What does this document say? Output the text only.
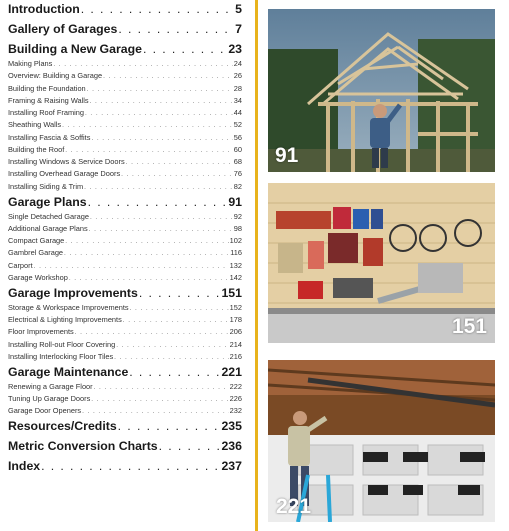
Introduction . . .	5
Gallery of Garages . . .	7
Building a New Garage . . .	23
Making Plans . . .	24
Overview: Building a Garage . . .	26
Building the Foundation . . .	28
Framing & Raising Walls . . .	34
Installing Roof Framing . . .	44
Sheathing Walls . . .	52
Installing Fascia & Soffits . . .	56
Building the Roof . . .	60
Installing Windows & Service Doors . . .	68
Installing Overhead Garage Doors . . .	76
Installing Siding & Trim . . .	82
Garage Plans . . .	91
Single Detached Garage . . .	92
Additional Garage Plans . . .	98
Compact Garage . . .	102
Gambrel Garage . . .	116
Carport . . .	132
Garage Workshop . . .	142
Garage Improvements . . .	151
Storage & Workspace Improvements . . .	152
Electrical & Lighting Improvements . . .	178
Floor Improvements . . .	206
Installing Roll-out Floor Covering . . .	214
Installing Interlocking Floor Tiles . . .	216
Garage Maintenance . . .	221
Renewing a Garage Floor . . .	222
Tuning Up Garage Doors . . .	226
Garage Door Openers . . .	232
Resources/Credits . . .	235
Metric Conversion Charts . . .	236
Index . . .	237
91
151
221
